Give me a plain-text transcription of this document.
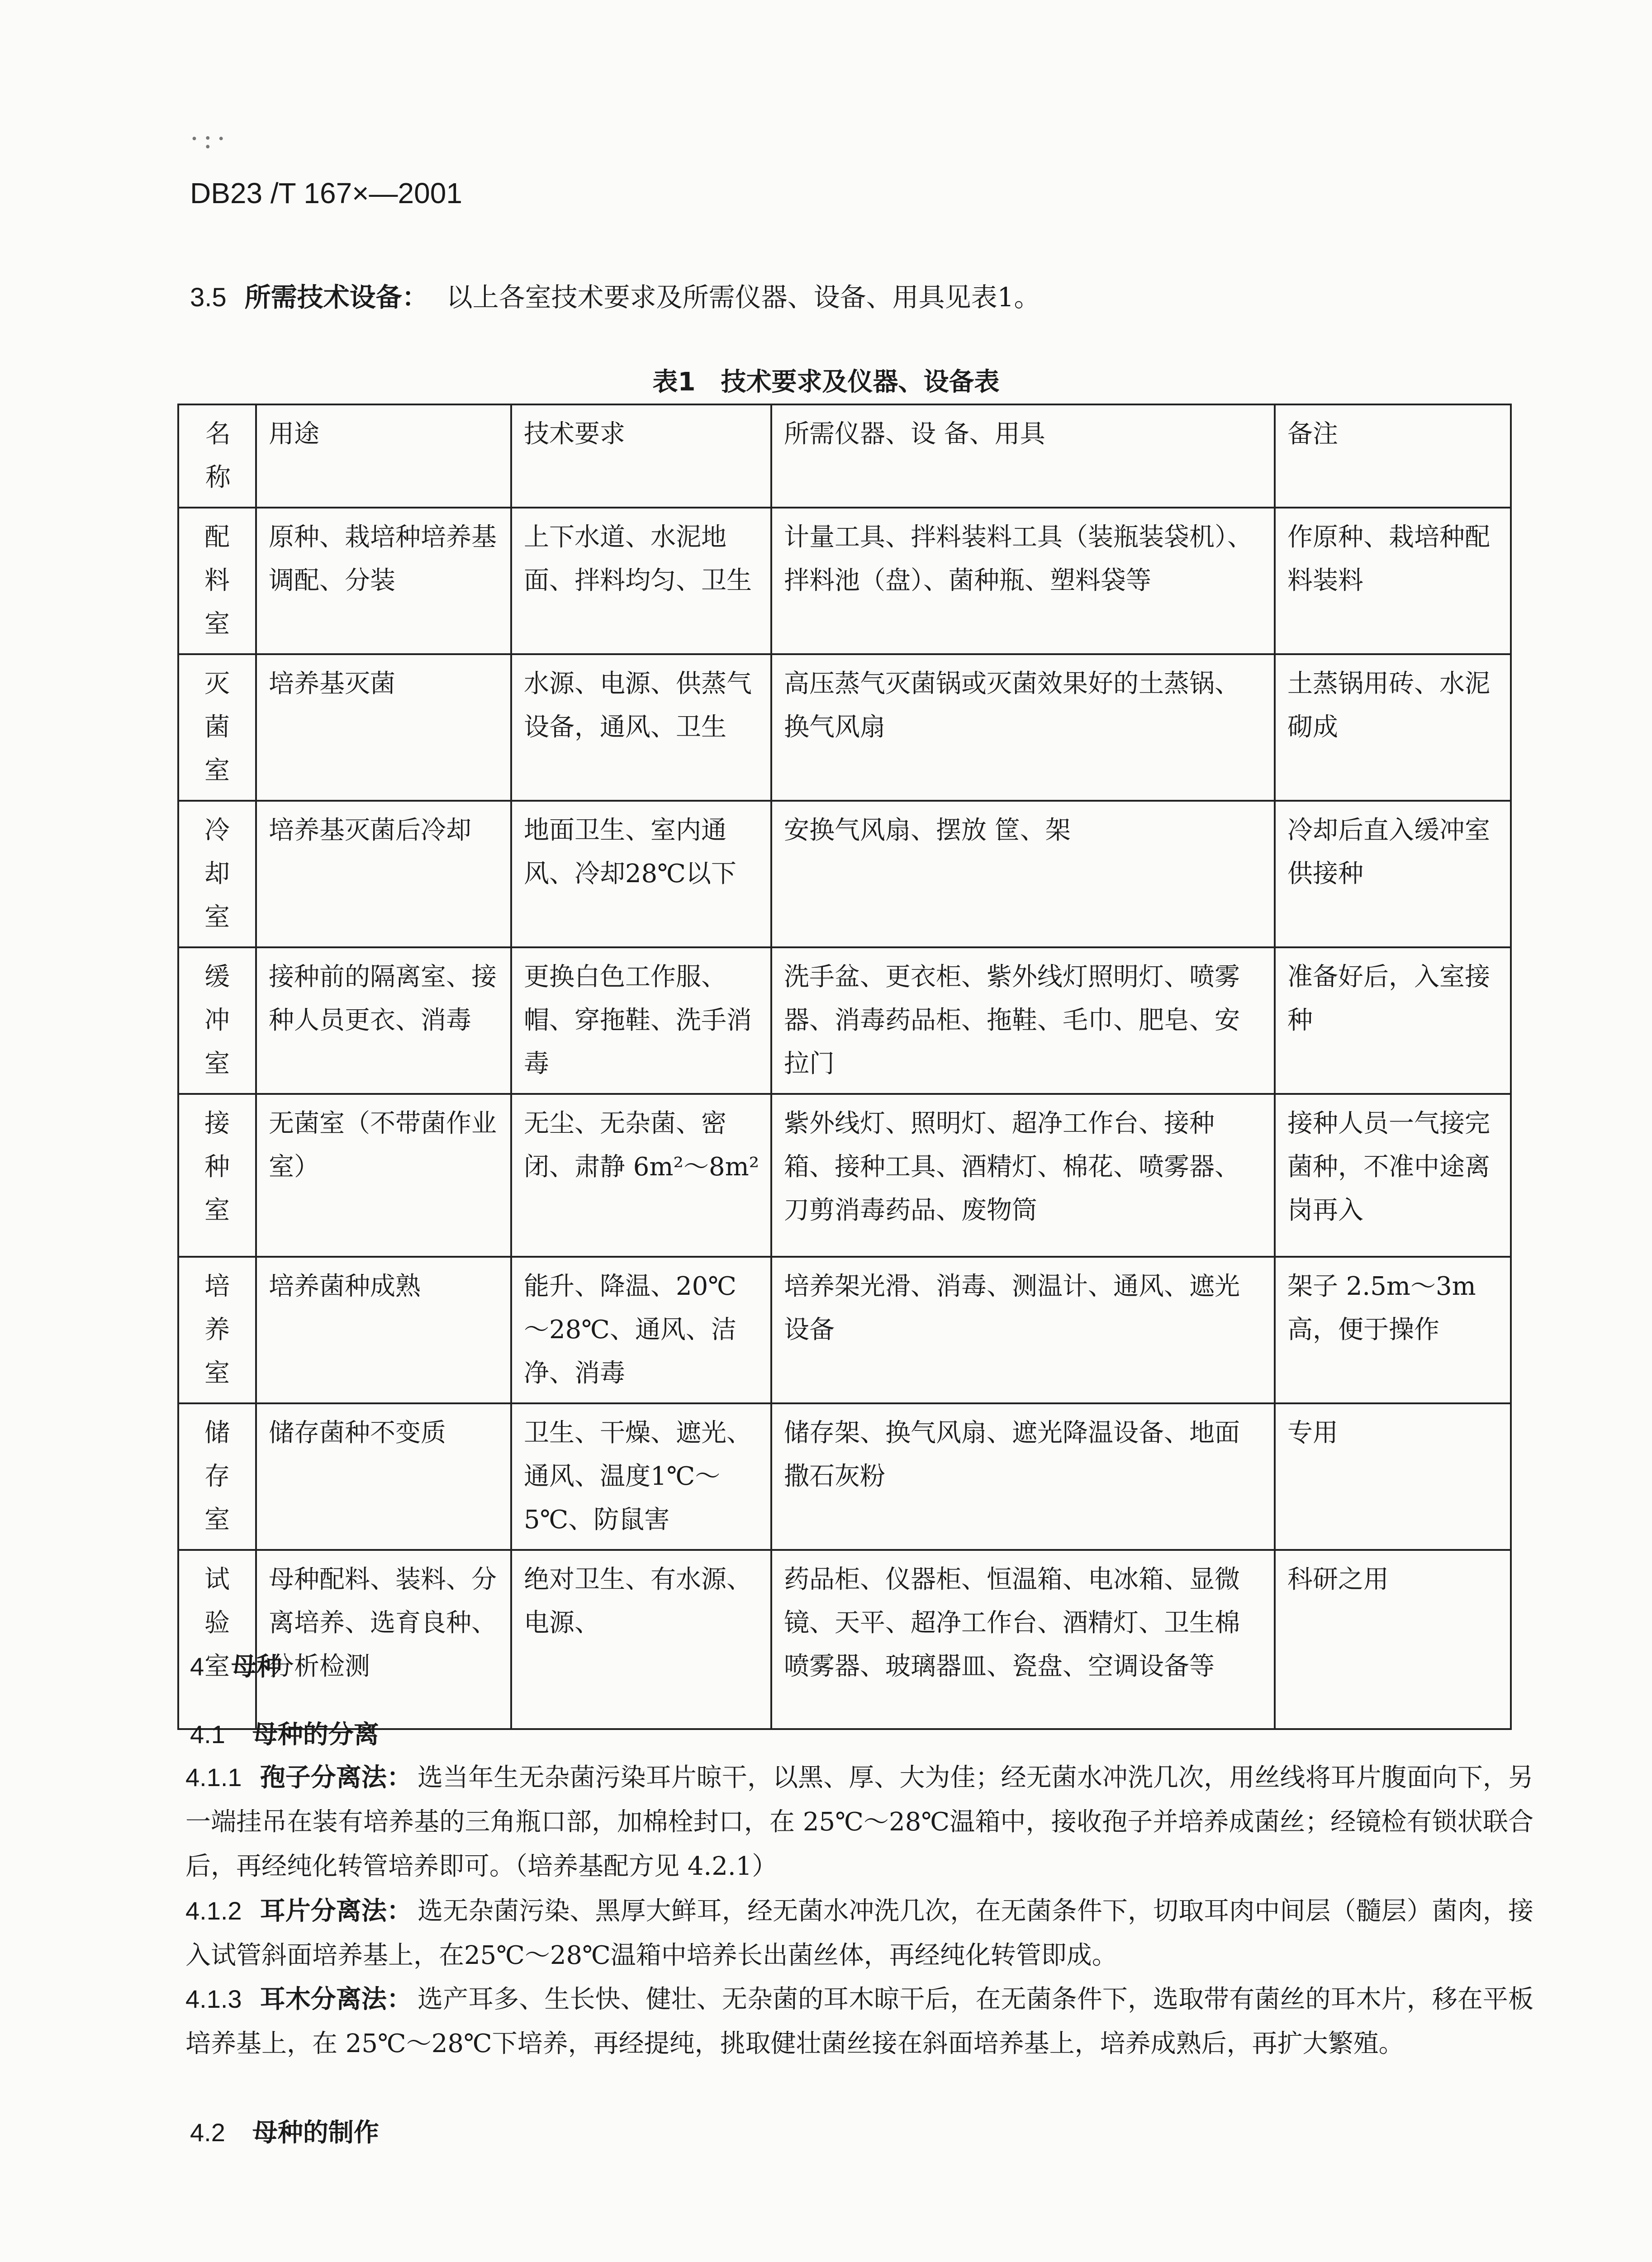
·:·
DB23 /T 167×—2001
3.5 所需技术设备： 以上各室技术要求及所需仪器、设备、用具见表1。
表1　技术要求及仪器、设备表
名称	用途	技术要求	所需仪器、设 备、用具	备注

配料室	原种、栽培种培养基调配、分装	上下水道、水泥地面、拌料均匀、卫生	计量工具、拌料装料工具（装瓶装袋机）、拌料池（盘）、菌种瓶、塑料袋等	作原种、栽培种配料装料

灭菌室	培养基灭菌	水源、电源、供蒸气设备，通风、卫生	高压蒸气灭菌锅或灭菌效果好的土蒸锅、换气风扇	土蒸锅用砖、水泥砌成

冷却室	培养基灭菌后冷却	地面卫生、室内通风、冷却28℃以下	安换气风扇、摆放 筐、架	冷却后直入缓冲室供接种

缓冲室	接种前的隔离室、接种人员更衣、消毒	更换白色工作服、帽、穿拖鞋、洗手消毒	洗手盆、更衣柜、紫外线灯照明灯、喷雾器、消毒药品柜、拖鞋、毛巾、肥皂、安拉门	准备好后，入室接种

接种室	无菌室（不带菌作业室）	无尘、无杂菌、密闭、肃静 6m²～8m²	紫外线灯、照明灯、超净工作台、接种箱、接种工具、酒精灯、棉花、喷雾器、刀剪消毒药品、废物筒	接种人员一气接完菌种，不准中途离岗再入

培养室	培养菌种成熟	能升、降温、20℃～28℃、通风、洁净、消毒	培养架光滑、消毒、测温计、通风、遮光设备	架子 2.5m～3m高，便于操作

储存室	储存菌种不变质	卫生、干燥、遮光、通风、温度1℃～5℃、防鼠害	储存架、换气风扇、遮光降温设备、地面撒石灰粉	专用

试验室	母种配料、装料、分离培养、选育良种、分析检测	绝对卫生、有水源、电源、	药品柜、仪器柜、恒温箱、电冰箱、显微镜、天平、超净工作台、酒精灯、卫生棉喷雾器、玻璃器皿、瓷盘、空调设备等	科研之用
4 母种
4.1 母种的分离
4.1.1 孢子分离法： 选当年生无杂菌污染耳片晾干，以黑、厚、大为佳；经无菌水冲洗几次，用丝线将耳片腹面向下，另一端挂吊在装有培养基的三角瓶口部，加棉栓封口，在 25℃～28℃温箱中，接收孢子并培养成菌丝；经镜检有锁状联合后，再经纯化转管培养即可。（培养基配方见 4.2.1）
4.1.2 耳片分离法： 选无杂菌污染、黑厚大鲜耳，经无菌水冲洗几次，在无菌条件下，切取耳肉中间层（髓层）菌肉，接入试管斜面培养基上，在25℃～28℃温箱中培养长出菌丝体，再经纯化转管即成。
4.1.3 耳木分离法： 选产耳多、生长快、健壮、无杂菌的耳木晾干后，在无菌条件下，选取带有菌丝的耳木片，移在平板培养基上，在 25℃～28℃下培养，再经提纯，挑取健壮菌丝接在斜面培养基上，培养成熟后，再扩大繁殖。
4.2 母种的制作
